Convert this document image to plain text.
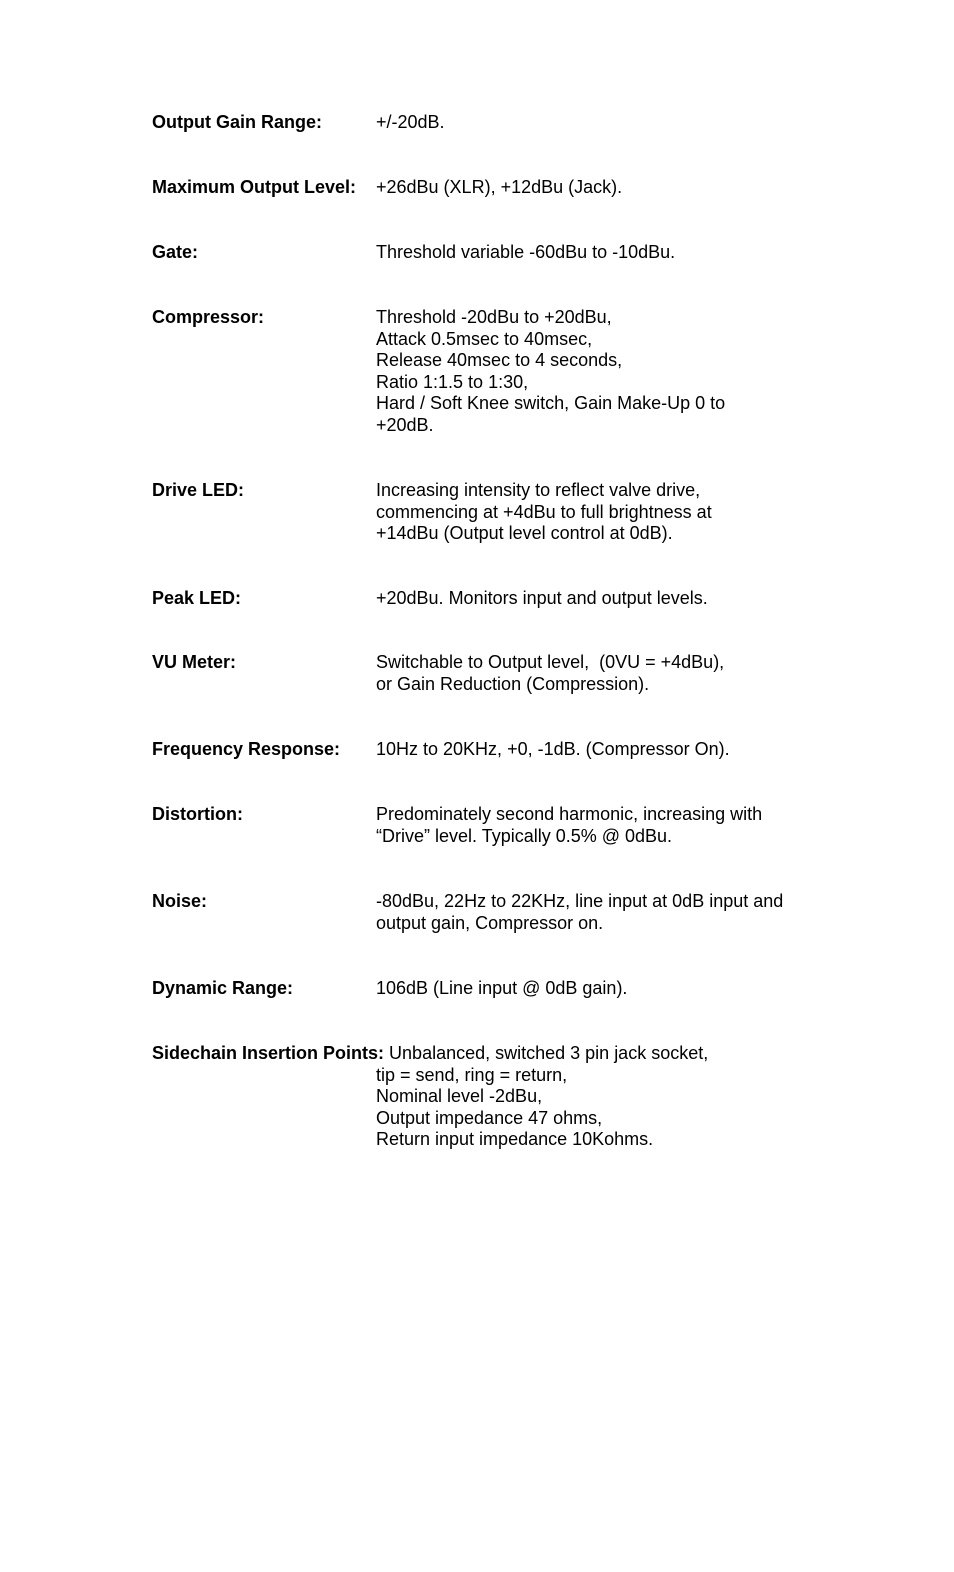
Output Gain Range:	+/-20dB.
Maximum Output Level: +26dBu (XLR), +12dBu (Jack).
Gate:	Threshold variable -60dBu to -10dBu.
Compressor:	Threshold -20dBu to +20dBu,
Attack 0.5msec to 40msec,
Release 40msec to 4 seconds,
Ratio 1:1.5 to 1:30,
Hard / Soft Knee switch, Gain Make-Up 0 to
+20dB.
Drive LED:	Increasing intensity to reflect valve drive,
commencing at +4dBu to full brightness at
+14dBu (Output level control at 0dB).
Peak LED:	+20dBu. Monitors input and output levels.
VU Meter:	Switchable to Output level,  (0VU = +4dBu),
or Gain Reduction (Compression).
Frequency Response: 10Hz to 20KHz, +0, -1dB. (Compressor On).
Distortion:	Predominately second harmonic, increasing with
“Drive” level. Typically 0.5% @ 0dBu.
Noise:	-80dBu, 22Hz to 22KHz, line input at 0dB input and
output gain, Compressor on.
Dynamic Range:	106dB (Line input @ 0dB gain).
Sidechain Insertion Points: Unbalanced, switched 3 pin jack socket,
tip = send, ring = return,
Nominal level -2dBu,
Output impedance 47 ohms,
Return input impedance 10Kohms.
